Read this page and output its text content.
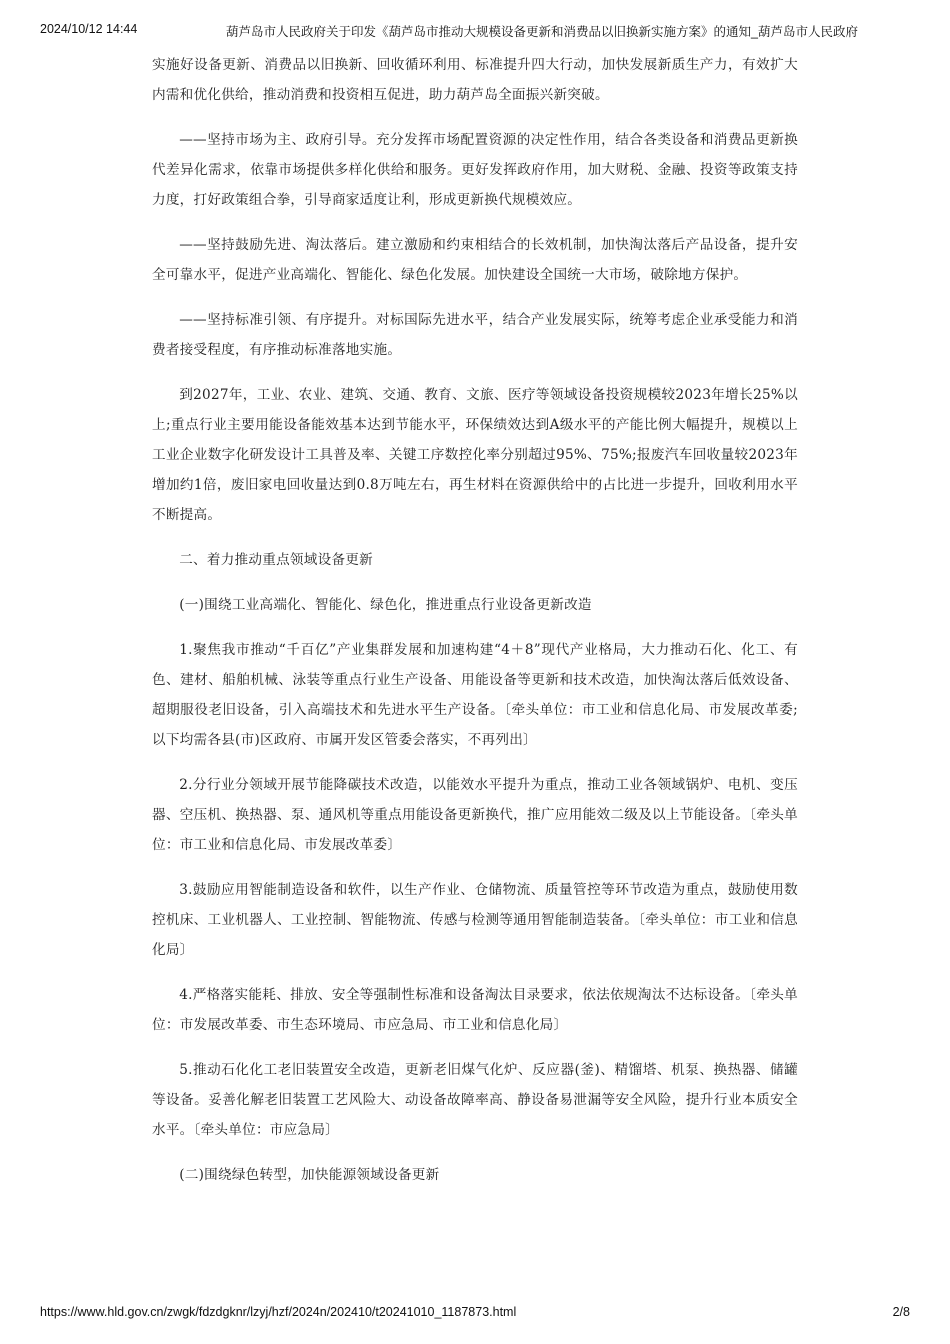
2024/10/12 14:44	葫芦岛市人民政府关于印发《葫芦岛市推动大规模设备更新和消费品以旧换新实施方案》的通知_葫芦岛市人民政府

实施好设备更新、消费品以旧换新、回收循环利用、标准提升四大行动，加快发展新质生产力，有效扩大内需和优化供给，推动消费和投资相互促进，助力葫芦岛全面振兴新突破。

——坚持市场为主、政府引导。充分发挥市场配置资源的决定性作用，结合各类设备和消费品更新换代差异化需求，依靠市场提供多样化供给和服务。更好发挥政府作用，加大财税、金融、投资等政策支持力度，打好政策组合拳，引导商家适度让利，形成更新换代规模效应。

——坚持鼓励先进、淘汰落后。建立激励和约束相结合的长效机制，加快淘汰落后产品设备，提升安全可靠水平，促进产业高端化、智能化、绿色化发展。加快建设全国统一大市场，破除地方保护。

——坚持标准引领、有序提升。对标国际先进水平，结合产业发展实际，统筹考虑企业承受能力和消费者接受程度，有序推动标准落地实施。

到2027年，工业、农业、建筑、交通、教育、文旅、医疗等领域设备投资规模较2023年增长25%以上;重点行业主要用能设备能效基本达到节能水平，环保绩效达到A级水平的产能比例大幅提升，规模以上工业企业数字化研发设计工具普及率、关键工序数控化率分别超过95%、75%;报废汽车回收量较2023年增加约1倍，废旧家电回收量达到0.8万吨左右，再生材料在资源供给中的占比进一步提升，回收利用水平不断提高。

二、着力推动重点领域设备更新

(一)围绕工业高端化、智能化、绿色化，推进重点行业设备更新改造

1.聚焦我市推动“千百亿”产业集群发展和加速构建“4＋8”现代产业格局，大力推动石化、化工、有色、建材、船舶机械、泳装等重点行业生产设备、用能设备等更新和技术改造，加快淘汰落后低效设备、超期服役老旧设备，引入高端技术和先进水平生产设备。〔牵头单位：市工业和信息化局、市发展改革委;以下均需各县(市)区政府、市属开发区管委会落实，不再列出〕

2.分行业分领域开展节能降碳技术改造，以能效水平提升为重点，推动工业各领域锅炉、电机、变压器、空压机、换热器、泵、通风机等重点用能设备更新换代，推广应用能效二级及以上节能设备。〔牵头单位：市工业和信息化局、市发展改革委〕

3.鼓励应用智能制造设备和软件，以生产作业、仓储物流、质量管控等环节改造为重点，鼓励使用数控机床、工业机器人、工业控制、智能物流、传感与检测等通用智能制造装备。〔牵头单位：市工业和信息化局〕

4.严格落实能耗、排放、安全等强制性标准和设备淘汰目录要求，依法依规淘汰不达标设备。〔牵头单位：市发展改革委、市生态环境局、市应急局、市工业和信息化局〕

5.推动石化化工老旧装置安全改造，更新老旧煤气化炉、反应器(釜)、精馏塔、机泵、换热器、储罐等设备。妥善化解老旧装置工艺风险大、动设备故障率高、静设备易泄漏等安全风险，提升行业本质安全水平。〔牵头单位：市应急局〕

(二)围绕绿色转型，加快能源领域设备更新

https://www.hld.gov.cn/zwgk/fdzdgknr/lzyj/hzf/2024n/202410/t20241010_1187873.html	2/8
